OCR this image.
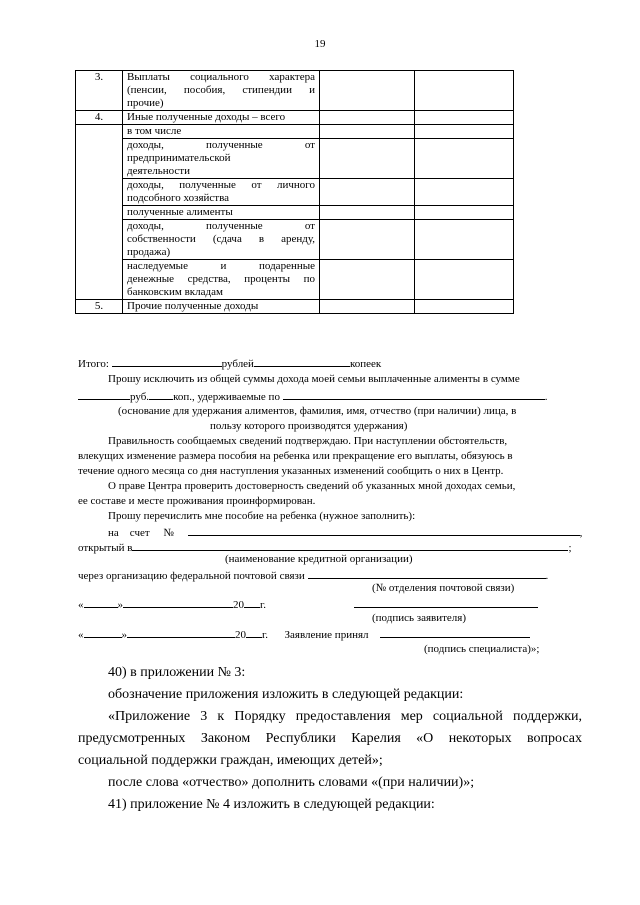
19
3.	Выплаты социального характера
(пенсии, пособия, стипендии и
прочие)		

4.	Иные полученные доходы – всего		

	в том числе		

	доходы, полученные от
предпринимательской
деятельности		

	доходы, полученные от личного
подсобного хозяйства		

	полученные алименты		

	доходы, полученные от
собственности (сдача в аренду,
продажа)		

	наследуемые и подаренные
денежные средства, проценты по
банковским вкладам		

5.	Прочие полученные доходы		

Итого:	рублей	копеек
Прошу исключить из общей суммы дохода моей семьи выплаченные алименты в сумме
руб. коп., удерживаемые по	.
(основание для удержания алиментов, фамилия, имя, отчество (при наличии) лица, в
пользу которого производятся удержания)
Правильность сообщаемых сведений подтверждаю. При наступлении обстоятельств,
влекущих изменение размера пособия на ребенка или прекращение его выплаты, обязуюсь в
течение одного месяца со дня наступления указанных изменений сообщить о них в Центр.
О праве Центра проверить достоверность сведений об указанных мной доходах семьи,
ее составе и месте проживания проинформирован.
Прошу перечислить мне пособие на ребенка (нужное заполнить):
на счет №	,
открытый в	;
(наименование кредитной организации)
через организацию федеральной почтовой связи	.
(№ отделения почтовой связи)
«	»	20 г.
(подпись заявителя)
«	»	20 г. Заявление принял
(подпись специалиста)»;
40) в приложении № 3:
обозначение приложения изложить в следующей редакции:
«Приложение 3 к Порядку предоставления мер социальной поддержки,
предусмотренных Законом Республики Карелия «О некоторых вопросах
социальной поддержки граждан, имеющих детей»;
после слова «отчество» дополнить словами «(при наличии)»;
41) приложение № 4 изложить в следующей редакции:
